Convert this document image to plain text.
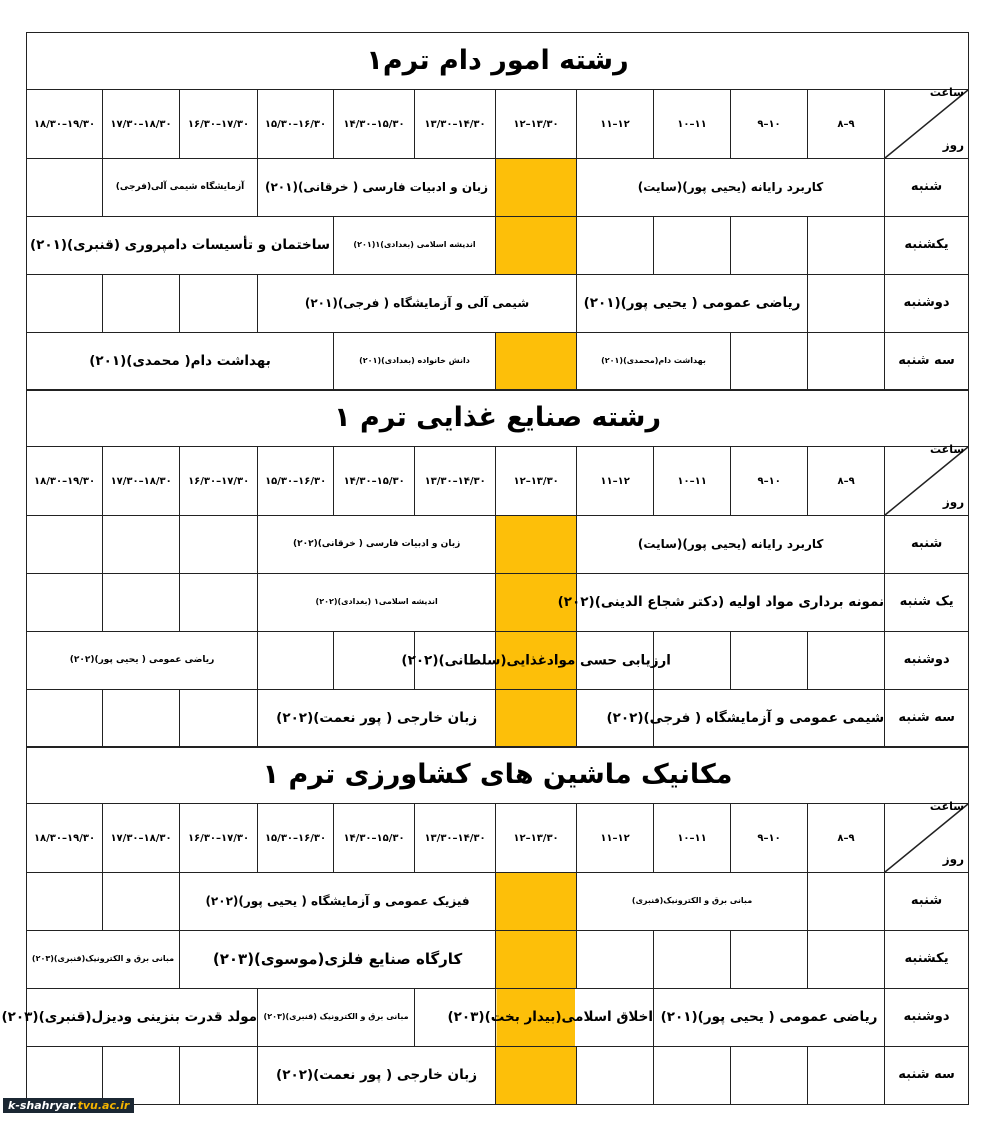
رشته امور دام ترم۱											

ساعت
روز	۸–۹	۹–۱۰	۱۰–۱۱	۱۱–۱۲	۱۲–۱۳/۳۰	۱۳/۳۰–۱۴/۳۰	۱۴/۳۰–۱۵/۳۰	۱۵/۳۰–۱۶/۳۰	۱۶/۳۰–۱۷/۳۰	۱۷/۳۰–۱۸/۳۰	۱۸/۳۰–۱۹/۳۰
شنبه	کاربرد رایانه (یحیی پور)(سایت)					زبان و ادبیات فارسی ( خرقانی)(۲۰۱)			آزمایشگاه شیمی آلی(فرجی)		
یکشنبه						اندیشه اسلامی (بغدادی)۱(۲۰۱)		ساختمان و تأسیسات دامپروری (قنبری)(۲۰۱)			
دوشنبه		ریاضی عمومی ( یحیی پور)(۲۰۱)			شیمی آلی و آزمایشگاه ( فرجی)(۲۰۱)						
سه شنبه			بهداشت دام(محمدی)(۲۰۱)			دانش خانواده (بغدادی)(۲۰۱)		بهداشت دام( محمدی)(۲۰۱)			
رشته صنایع غذایی ترم ۱											

ساعت
روز	۸–۹	۹–۱۰	۱۰–۱۱	۱۱–۱۲	۱۲–۱۳/۳۰	۱۳/۳۰–۱۴/۳۰	۱۴/۳۰–۱۵/۳۰	۱۵/۳۰–۱۶/۳۰	۱۶/۳۰–۱۷/۳۰	۱۷/۳۰–۱۸/۳۰	۱۸/۳۰–۱۹/۳۰
شنبه	کاربرد رایانه (یحیی پور)(سایت)					زبان و ادبیات فارسی ( خرقانی)(۲۰۲)					
یک شنبه	نمونه برداری مواد اولیه (دکتر شجاع الدینی)(۲۰۲)					اندیشه اسلامی۱ (بغدادی)(۲۰۲)					
دوشنبه					ارزیابی حسی موادغذایی(سلطانی)(۲۰۲)				ریاضی عمومی ( یحیی پور)(۲۰۲)		
سه شنبه	شیمی عمومی و آزمایشگاه ( فرجی)(۲۰۲)					زبان خارجی ( پور نعمت)(۲۰۲)					
مکانیک ماشین های کشاورزی ترم ۱											

ساعت
روز	۸–۹	۹–۱۰	۱۰–۱۱	۱۱–۱۲	۱۲–۱۳/۳۰	۱۳/۳۰–۱۴/۳۰	۱۴/۳۰–۱۵/۳۰	۱۵/۳۰–۱۶/۳۰	۱۶/۳۰–۱۷/۳۰	۱۷/۳۰–۱۸/۳۰	۱۸/۳۰–۱۹/۳۰
شنبه		مبانی برق و الکترونیک(قنبری)				فیزیک عمومی و آزمایشگاه ( یحیی پور)(۲۰۲)					
یکشنبه						کارگاه صنایع فلزی(موسوی)(۲۰۳)				مبانی برق و الکترونیک(قنبری)(۲۰۳)	
دوشنبه	ریاضی عمومی ( یحیی پور)(۲۰۱)			اخلاق اسلامی(بیدار بخت)(۲۰۳)			مبانی برق و الکترونیک (قنبری)(۲۰۳)		مولد قدرت بنزینی ودیزل(قنبری)(۲۰۳)		
سه شنبه						زبان خارجی ( پور نعمت)(۲۰۲)					
k-shahryar.tvu.ac.ir
